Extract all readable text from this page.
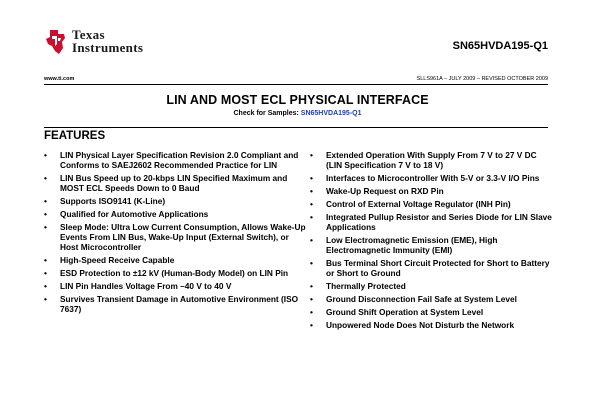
Texas
Instruments	SN65HVDA195-Q1
www.ti.com	SLLS961A – JULY 2009 – REVISED OCTOBER 2009
LIN AND MOST ECL PHYSICAL INTERFACE
Check for Samples: SN65HVDA195-Q1
FEATURES
• LIN Physical Layer Specification Revision 2.0 Compliant and Conforms to SAEJ2602 Recommended Practice for LIN
• LIN Bus Speed up to 20-kbps LIN Specified Maximum and MOST ECL Speeds Down to 0 Baud
• Supports ISO9141 (K-Line)
• Qualified for Automotive Applications
• Sleep Mode: Ultra Low Current Consumption, Allows Wake-Up Events From LIN Bus, Wake-Up Input (External Switch), or Host Microcontroller
• High-Speed Receive Capable
• ESD Protection to ±12 kV (Human-Body Model) on LIN Pin
• LIN Pin Handles Voltage From –40 V to 40 V
• Survives Transient Damage in Automotive Environment (ISO 7637)
• Extended Operation With Supply From 7 V to 27 V DC (LIN Specification 7 V to 18 V)
• Interfaces to Microcontroller With 5-V or 3.3-V I/O Pins
• Wake-Up Request on RXD Pin
• Control of External Voltage Regulator (INH Pin)
• Integrated Pullup Resistor and Series Diode for LIN Slave Applications
• Low Electromagnetic Emission (EME), High Electromagnetic Immunity (EMI)
• Bus Terminal Short Circuit Protected for Short to Battery or Short to Ground
• Thermally Protected
• Ground Disconnection Fail Safe at System Level
• Ground Shift Operation at System Level
• Unpowered Node Does Not Disturb the Network
